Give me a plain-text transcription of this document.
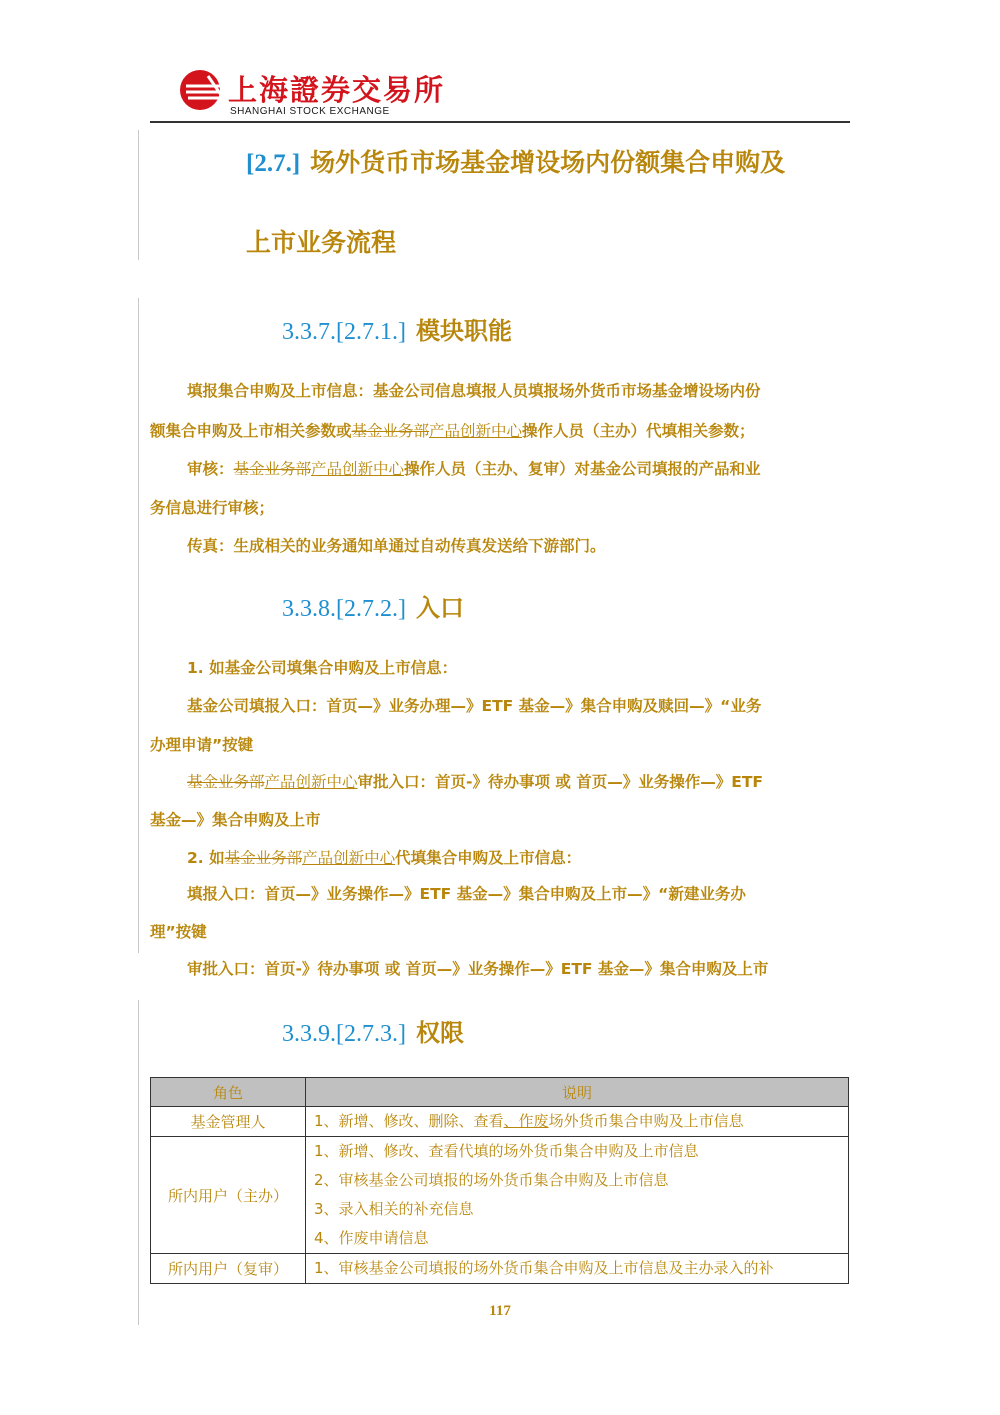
上海證券交易所
SHANGHAI STOCK EXCHANGE
[2.7.] 场外货币市场基金增设场内份额集合申购及
上市业务流程
3.3.7.[2.7.1.] 模块职能
填报集合申购及上市信息：基金公司信息填报人员填报场外货币市场基金增设场内份
额集合申购及上市相关参数或基金业务部产品创新中心操作人员（主办）代填相关参数；
审核：基金业务部产品创新中心操作人员（主办、复审）对基金公司填报的产品和业
务信息进行审核；
传真：生成相关的业务通知单通过自动传真发送给下游部门。
3.3.8.[2.7.2.] 入口
1. 如基金公司填集合申购及上市信息：
基金公司填报入口：首页—》业务办理—》ETF 基金—》集合申购及赎回—》“业务
办理申请”按键
基金业务部产品创新中心审批入口：首页-》待办事项 或 首页—》业务操作—》ETF
基金—》集合申购及上市
2. 如基金业务部产品创新中心代填集合申购及上市信息：
填报入口：首页—》业务操作—》ETF 基金—》集合申购及上市—》“新建业务办
理”按键
审批入口：首页-》待办事项 或 首页—》业务操作—》ETF 基金—》集合申购及上市
3.3.9.[2.7.3.] 权限
角色	说明
基金管理人	1、新增、修改、删除、查看、作废场外货币集合申购及上市信息

所内用户（主办）	1、新增、修改、查看代填的场外货币集合申购及上市信息
2、审核基金公司填报的场外货币集合申购及上市信息
3、录入相关的补充信息
4、作废申请信息

所内用户（复审）	1、审核基金公司填报的场外货币集合申购及上市信息及主办录入的补
117
